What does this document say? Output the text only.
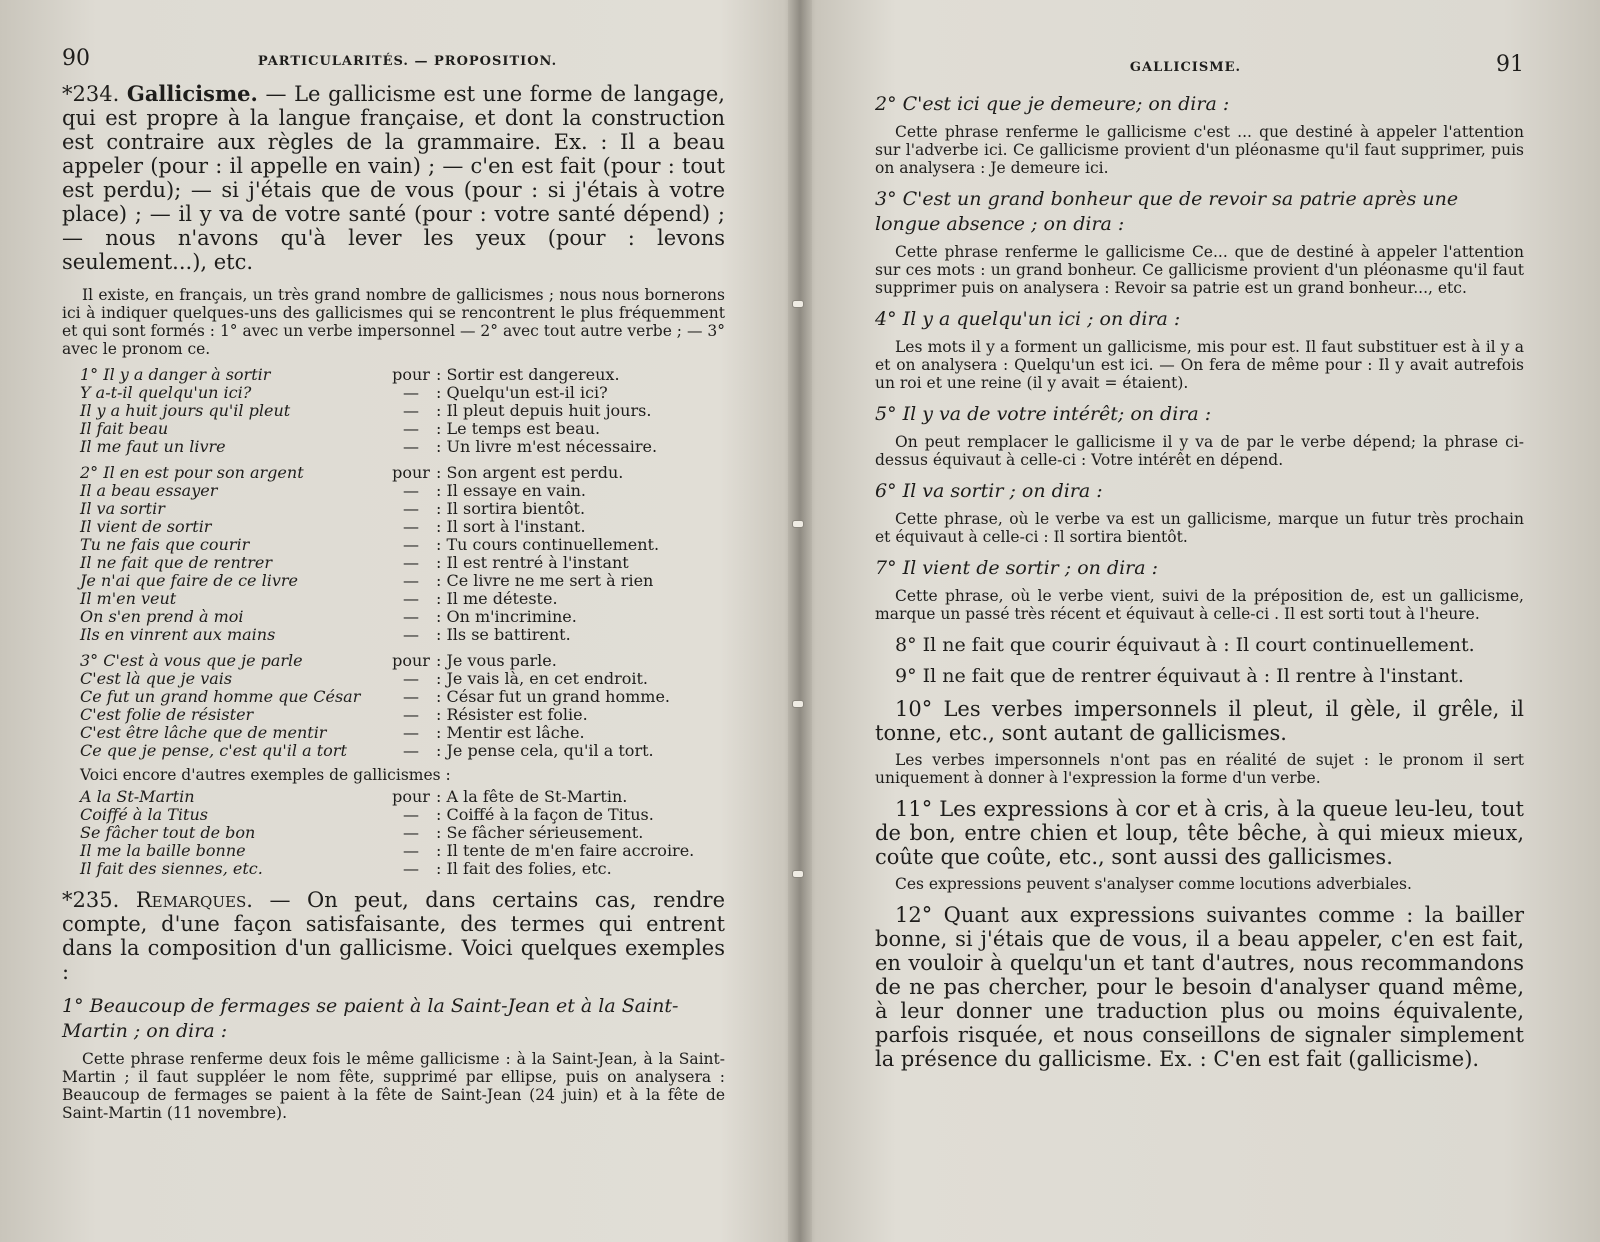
90	PARTICULARITÉS. — PROPOSITION.

*234. Gallicisme. — Le gallicisme est une forme de langage, qui est propre à la langue française, et dont la construction est contraire aux règles de la grammaire. Ex. : Il a beau appeler (pour : il appelle en vain) ; — c'en est fait (pour : tout est perdu); — si j'étais que de vous (pour : si j'étais à votre place) ; — il y va de votre santé (pour : votre santé dépend) ; — nous n'avons qu'à lever les yeux (pour : levons seulement...), etc.

Il existe, en français, un très grand nombre de gallicismes ; nous nous bornerons ici à indiquer quelques-uns des gallicismes qui se rencontrent le plus fréquemment et qui sont formés : 1° avec un verbe impersonnel — 2° avec tout autre verbe ; — 3° avec le pronom ce.

1° Il y a danger à sortir	pour : Sortir est dangereux.
Y a-t-il quelqu'un ici?	—	: Quelqu'un est-il ici?
Il y a huit jours qu'il pleut	—	: Il pleut depuis huit jours.
Il fait beau	—	: Le temps est beau.
Il me faut un livre	—	: Un livre m'est nécessaire.
2° Il en est pour son argent	pour : Son argent est perdu.
Il a beau essayer	—	: Il essaye en vain.
Il va sortir	—	: Il sortira bientôt.
Il vient de sortir	—	: Il sort à l'instant.
Tu ne fais que courir	—	: Tu cours continuellement.
Il ne fait que de rentrer	—	: Il est rentré à l'instant
Je n'ai que faire de ce livre	—	: Ce livre ne me sert à rien
Il m'en veut	—	: Il me déteste.
On s'en prend à moi	—	: On m'incrimine.
Ils en vinrent aux mains	—	: Ils se battirent.
3° C'est à vous que je parle	pour : Je vous parle.
C'est là que je vais	—	: Je vais là, en cet endroit.
Ce fut un grand homme que César	—	: César fut un grand homme.
C'est folie de résister	—	: Résister est folie.
C'est être lâche que de mentir	—	: Mentir est lâche.
Ce que je pense, c'est qu'il a tort	—	: Je pense cela, qu'il a tort.

Voici encore d'autres exemples de gallicismes :

A la St-Martin	pour : A la fête de St-Martin.
Coiffé à la Titus	—	: Coiffé à la façon de Titus.
Se fâcher tout de bon	—	: Se fâcher sérieusement.
Il me la baille bonne	—	: Il tente de m'en faire accroire.
Il fait des siennes, etc.	—	: Il fait des folies, etc.

*235. Remarques. — On peut, dans certains cas, rendre compte, d'une façon satisfaisante, des termes qui entrent dans la composition d'un gallicisme. Voici quelques exemples :

1° Beaucoup de fermages se paient à la Saint-Jean et à la Saint-Martin ; on dira :

Cette phrase renferme deux fois le même gallicisme : à la Saint-Jean, à la Saint-Martin ; il faut suppléer le nom fête, supprimé par ellipse, puis on analysera : Beaucoup de fermages se paient à la fête de Saint-Jean (24 juin) et à la fête de Saint-Martin (11 novembre).

GALLICISME.	91

2° C'est ici que je demeure; on dira :

Cette phrase renferme le gallicisme c'est ... que destiné à appeler l'attention sur l'adverbe ici. Ce gallicisme provient d'un pléonasme qu'il faut supprimer, puis on analysera : Je demeure ici.

3° C'est un grand bonheur que de revoir sa patrie après une longue absence ; on dira :

Cette phrase renferme le gallicisme Ce... que de destiné à appeler l'attention sur ces mots : un grand bonheur. Ce gallicisme provient d'un pléonasme qu'il faut supprimer puis on analysera : Revoir sa patrie est un grand bonheur..., etc.

4° Il y a quelqu'un ici ; on dira :

Les mots il y a forment un gallicisme, mis pour est. Il faut substituer est à il y a et on analysera : Quelqu'un est ici. — On fera de même pour : Il y avait autrefois un roi et une reine (il y avait = étaient).

5° Il y va de votre intérêt; on dira :

On peut remplacer le gallicisme il y va de par le verbe dépend; la phrase ci-dessus équivaut à celle-ci : Votre intérêt en dépend.

6° Il va sortir ; on dira :

Cette phrase, où le verbe va est un gallicisme, marque un futur très prochain et équivaut à celle-ci : Il sortira bientôt.

7° Il vient de sortir ; on dira :

Cette phrase, où le verbe vient, suivi de la préposition de, est un gallicisme, marque un passé très récent et équivaut à celle-ci . Il est sorti tout à l'heure.

8° Il ne fait que courir équivaut à : Il court continuellement.

9° Il ne fait que de rentrer équivaut à : Il rentre à l'instant.

10° Les verbes impersonnels il pleut, il gèle, il grêle, il tonne, etc., sont autant de gallicismes.

Les verbes impersonnels n'ont pas en réalité de sujet : le pronom il sert uniquement à donner à l'expression la forme d'un verbe.

11° Les expressions à cor et à cris, à la queue leu-leu, tout de bon, entre chien et loup, tête bêche, à qui mieux mieux, coûte que coûte, etc., sont aussi des gallicismes.

Ces expressions peuvent s'analyser comme locutions adverbiales.

12° Quant aux expressions suivantes comme : la bailler bonne, si j'étais que de vous, il a beau appeler, c'en est fait, en vouloir à quelqu'un et tant d'autres, nous recommandons de ne pas chercher, pour le besoin d'analyser quand même, à leur donner une traduction plus ou moins équivalente, parfois risquée, et nous conseillons de signaler simplement la présence du gallicisme. Ex. : C'en est fait (gallicisme).
